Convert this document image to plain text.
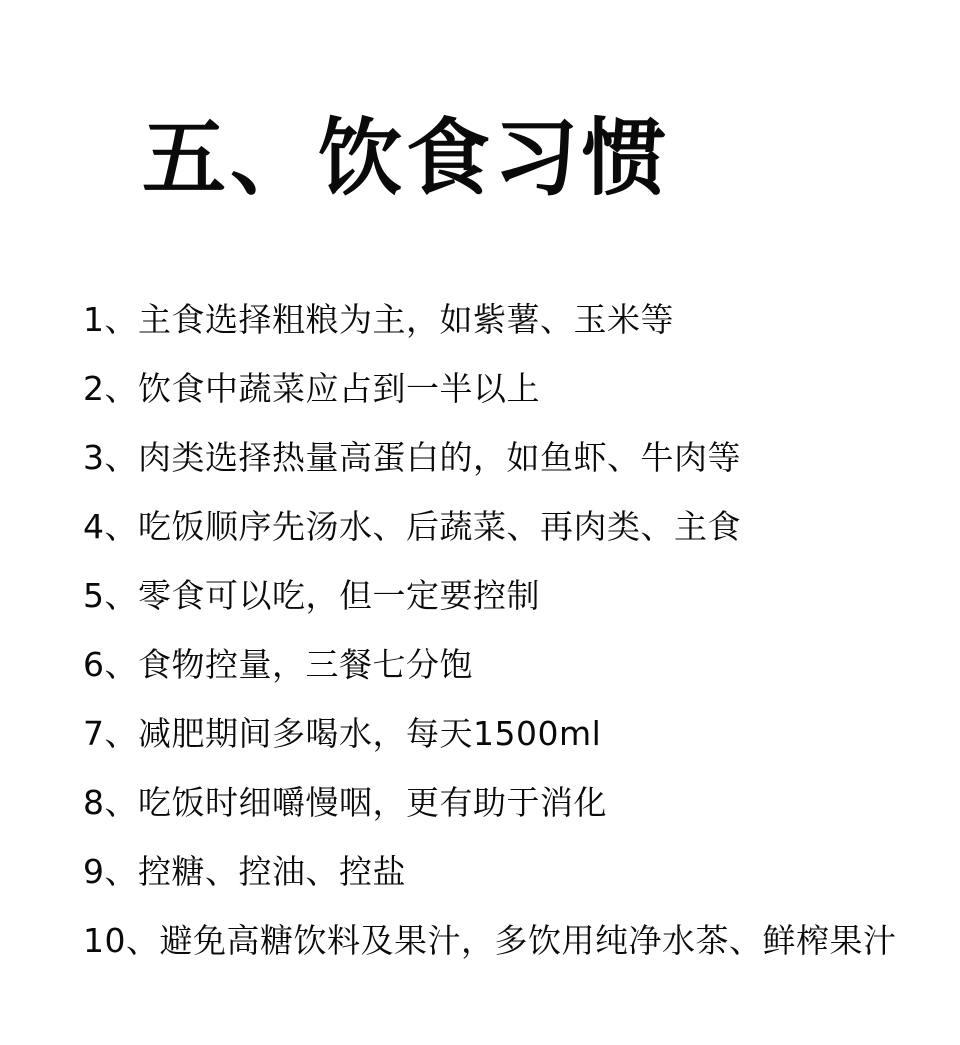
五、饮食习惯
1、主食选择粗粮为主，如紫薯、玉米等
2、饮食中蔬菜应占到一半以上
3、肉类选择热量高蛋白的，如鱼虾、牛肉等
4、吃饭顺序先汤水、后蔬菜、再肉类、主食
5、零食可以吃，但一定要控制
6、食物控量，三餐七分饱
7、减肥期间多喝水，每天1500ml
8、吃饭时细嚼慢咽，更有助于消化
9、控糖、控油、控盐
10、避免高糖饮料及果汁，多饮用纯净水茶、鲜榨果汁
